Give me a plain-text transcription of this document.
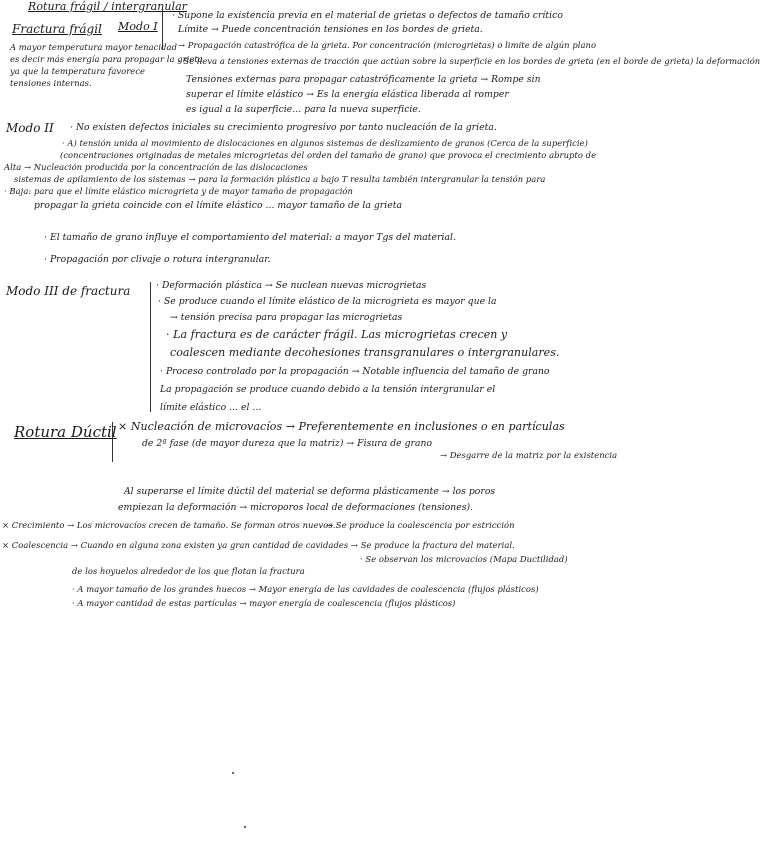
Rotura frágil / intergranular
Fractura frágil Modo I
A mayor temperatura mayor tenacidad
es decir más energía para propagar la grieta
ya que la temperatura favorece
tensiones internas.
· Supone la existencia previa en el material de grietas o defectos de tamaño crítico
Límite → Puede concentración tensiones en los bordes de grieta.
→ Propagación catastrófica de la grieta. Por concentración (microgrietas) o limite de algún plano
· Se lleva a tensiones externas de tracción que actúan sobre la superficie en los bordes de grieta (en el borde de grieta) la deformación
Tensiones externas para propagar catastróficamente la grieta → Rompe sin
superar el límite elástico → Es la energía elástica liberada al romper
es igual a la superficie... para la nueva superficie.
Modo II · No existen defectos iniciales su crecimiento progresivo por tanto nucleación de la grieta.
· A) tensión unida al movimiento de dislocaciones en algunos sistemas de deslizamiento de granos (Cerca de la superficie)
(concentraciones originadas de metales microgrietas del orden del tamaño de grano) que provoca el crecimiento abrupto de
Alta → Nucleación producida por la concentración de las dislocaciones
sistemas de apilamiento de los sistemas → para la formación plástica a bajo T resulta también intergranular la tensión para
· Baja: para que el límite elástico microgrieta y de mayor tamaño de propagación
propagar la grieta coincide con el límite elástico ... mayor tamaño de la grieta
· El tamaño de grano influye el comportamiento del material: a mayor Tgs del material.
· Propagación por clivaje o rotura intergranular.
Modo III de fractura	· Deformación plástica → Se nuclean nuevas microgrietas
· Se produce cuando el límite elástico de la microgrieta es mayor que la
→ tensión precisa para propagar las microgrietas
· La fractura es de carácter frágil. Las microgrietas crecen y
coalescen mediante decohesiones transgranulares o intergranulares.
· Proceso controlado por la propagación → Notable influencia del tamaño de grano
La propagación se produce cuando debido a la tensión intergranular el
límite elástico ... el ...
Rotura Dúctil × Nucleación de microvacíos → Preferentemente en inclusiones o en partículas
de 2ª fase (de mayor dureza que la matriz) → Fisura de grano
→ Desgarre de la matriz por la existencia
Al superarse el límite dúctil del material se deforma plásticamente → los poros
empiezan la deformación → microporos local de deformaciones (tensiones).
× Crecimiento → Los microvacíos crecen de tamaño. Se forman otros nuevos.
→ Se produce la coalescencia por estricción
× Coalescencia → Cuando en alguna zona existen ya gran cantidad de cavidades → Se produce la fractura del material.
· Se observan los microvacíos (Mapa Ductilidad)
de los hoyuelos alrededor de los que flotan la fractura
· A mayor tamaño de los grandes huecos → Mayor energía de las cavidades de coalescencia (flujos plásticos)
· A mayor cantidad de estas partículas → mayor energía de coalescencia (flujos plásticos)
